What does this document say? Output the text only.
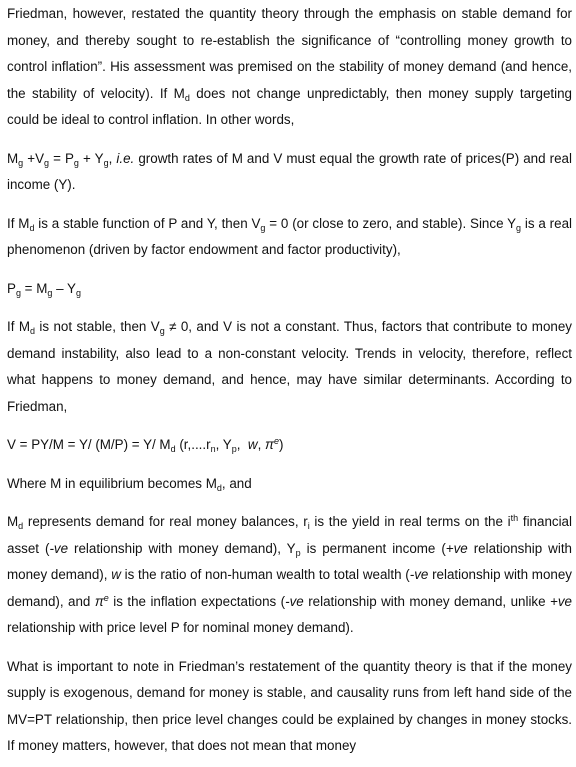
Friedman, however, restated the quantity theory through the emphasis on stable demand for money, and thereby sought to re-establish the significance of “controlling money growth to control inflation”. His assessment was premised on the stability of money demand (and hence, the stability of velocity). If $M_d$ does not change unpredictably, then money supply targeting could be ideal to control inflation. In other words,

$M_g +V_g = P_g + Y_g$, i.e. growth rates of M and V must equal the growth rate of prices(P) and real income (Y).

If $M_d$ is a stable function of P and Y, then $V_g = 0$ (or close to zero, and stable). Since $Y_g$ is a real phenomenon (driven by factor endowment and factor productivity),

$P_g = M_g - Y_g$

If $M_d$ is not stable, then $V_g \ne 0$, and V is not a constant. Thus, factors that contribute to money demand instability, also lead to a non-constant velocity. Trends in velocity, therefore, reflect what happens to money demand, and hence, may have similar determinants. According to Friedman,

V = PY/M = Y/ (M/P) = Y/ $M_d$ ($r,....r_n$, $Y_p$,  w, $\pi^e$)

Where M in equilibrium becomes $M_d$, and

$M_d$ represents demand for real money balances, $r_i$ is the yield in real terms on the $i^{th}$ financial asset (-ve relationship with money demand), $Y_p$ is permanent income (+ve relationship with money demand), w is the ratio of non-human wealth to total wealth (-ve relationship with money demand), and $\pi^e$ is the inflation expectations (-ve relationship with money demand, unlike +ve relationship with price level P for nominal money demand).

What is important to note in Friedman’s restatement of the quantity theory is that if the money supply is exogenous, demand for money is stable, and causality runs from left hand side of the MV=PT relationship, then price level changes could be explained by changes in money stocks. If money matters, however, that does not mean that money
